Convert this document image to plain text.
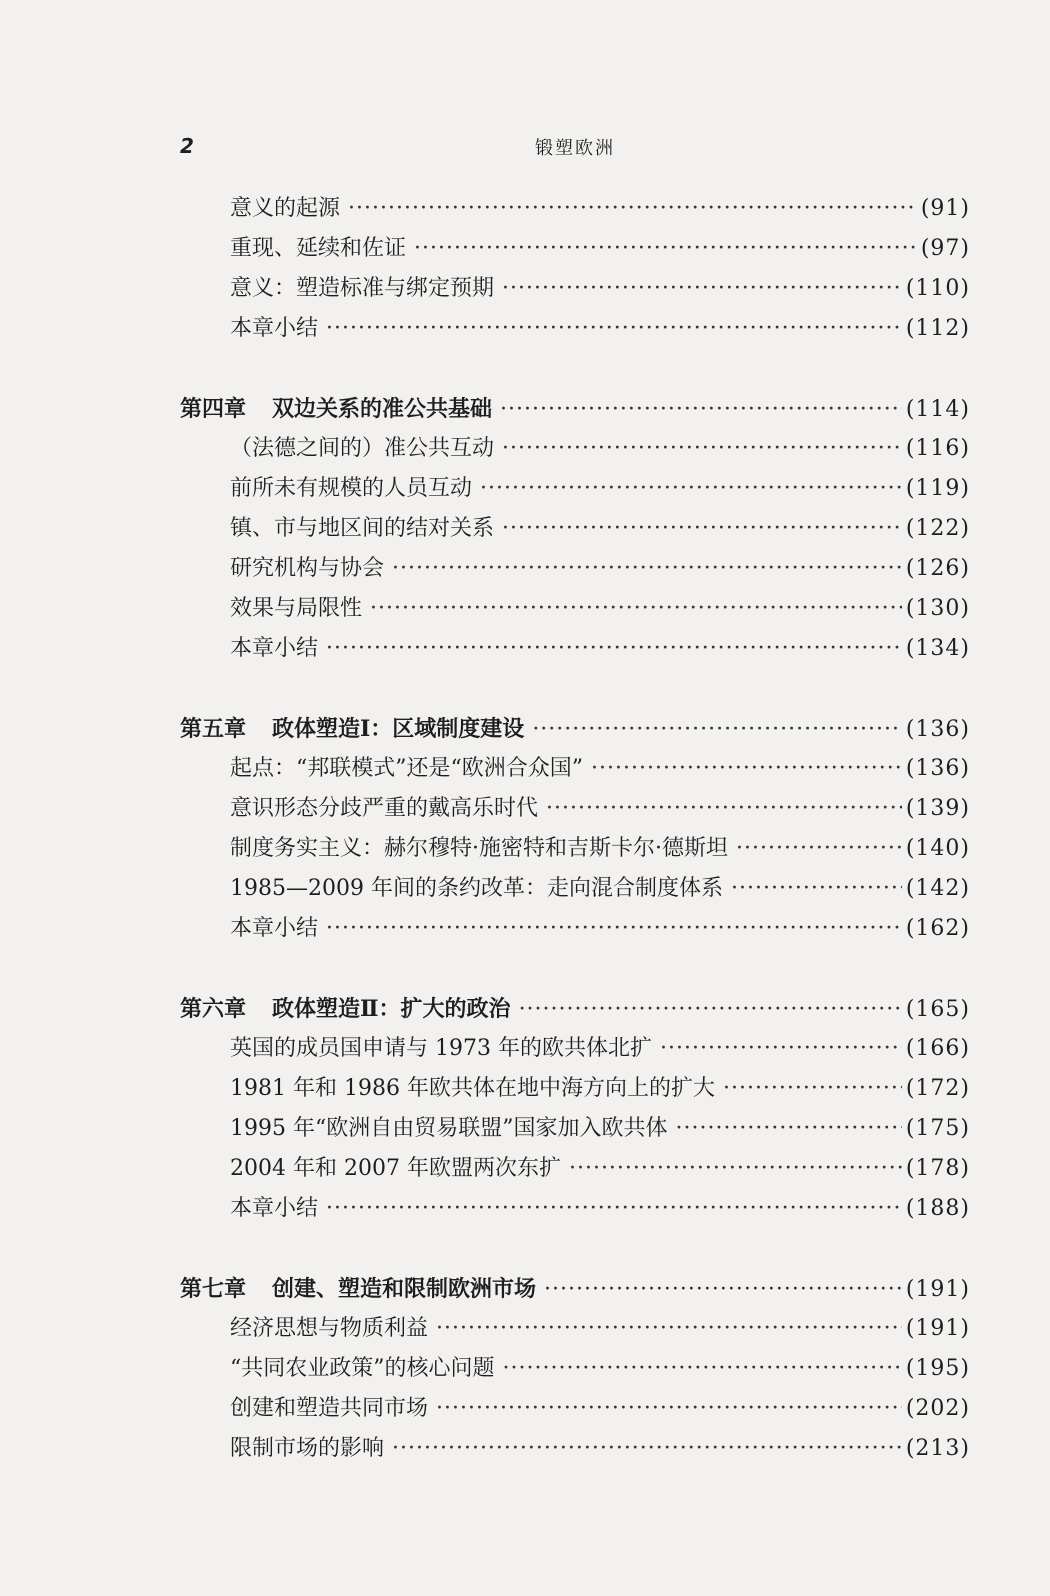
2	锻塑欧洲
意义的起源 ·····	(91)
重现、延续和佐证 ·····	(97)
意义：塑造标准与绑定预期 ·····	(110)
本章小结 ·····	(112)
第四章 双边关系的准公共基础 ·····	(114)
（法德之间的）准公共互动 ·····	(116)
前所未有规模的人员互动 ·····	(119)
镇、市与地区间的结对关系 ·····	(122)
研究机构与协会 ·····	(126)
效果与局限性 ·····	(130)
本章小结 ·····	(134)
第五章 政体塑造Ⅰ：区域制度建设 ·····	(136)
起点：“邦联模式”还是“欧洲合众国” ·····	(136)
意识形态分歧严重的戴高乐时代 ·····	(139)
制度务实主义：赫尔穆特·施密特和吉斯卡尔·德斯坦 ·····	(140)
1985—2009 年间的条约改革：走向混合制度体系 ·····	(142)
本章小结 ·····	(162)
第六章 政体塑造Ⅱ：扩大的政治 ·····	(165)
英国的成员国申请与 1973 年的欧共体北扩 ·····	(166)
1981 年和 1986 年欧共体在地中海方向上的扩大 ·····	(172)
1995 年“欧洲自由贸易联盟”国家加入欧共体 ·····	(175)
2004 年和 2007 年欧盟两次东扩 ·····	(178)
本章小结 ·····	(188)
第七章 创建、塑造和限制欧洲市场 ·····	(191)
经济思想与物质利益 ·····	(191)
“共同农业政策”的核心问题 ·····	(195)
创建和塑造共同市场 ·····	(202)
限制市场的影响 ·····	(213)
